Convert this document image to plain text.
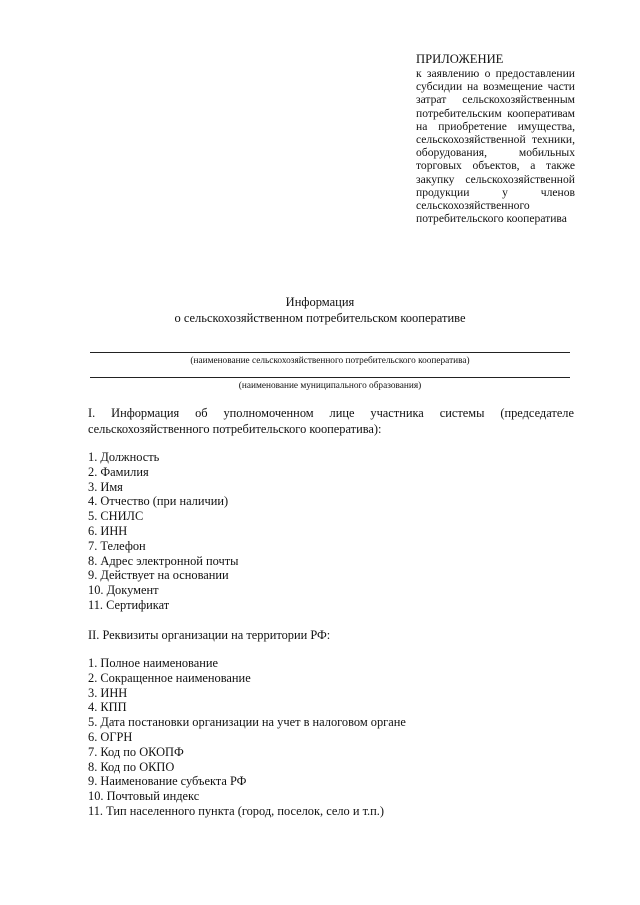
ПРИЛОЖЕНИЕ
к заявлению о предоставлении субсидии на возмещение части затрат сельскохозяйственным потребительским кооперативам на приобретение имущества, сельскохозяйственной техники, оборудования, мобильных торговых объектов, а также закупку сельскохозяйственной продукции у членов сельскохозяйственного потребительского кооператива
Информация
о сельскохозяйственном потребительском кооперативе
(наименование сельскохозяйственного потребительского кооператива)
(наименование муниципального образования)
I. Информация об уполномоченном лице участника системы (председателе сельскохозяйственного потребительского кооператива):
1. Должность
2. Фамилия
3. Имя
4. Отчество (при наличии)
5. СНИЛС
6. ИНН
7. Телефон
8. Адрес электронной почты
9. Действует на основании
10. Документ
11. Сертификат
II. Реквизиты организации на территории РФ:
1. Полное наименование
2. Сокращенное наименование
3. ИНН
4. КПП
5. Дата постановки организации на учет в налоговом органе
6. ОГРН
7. Код по ОКОПФ
8. Код по ОКПО
9. Наименование субъекта РФ
10. Почтовый индекс
11. Тип населенного пункта (город, поселок, село и т.п.)
